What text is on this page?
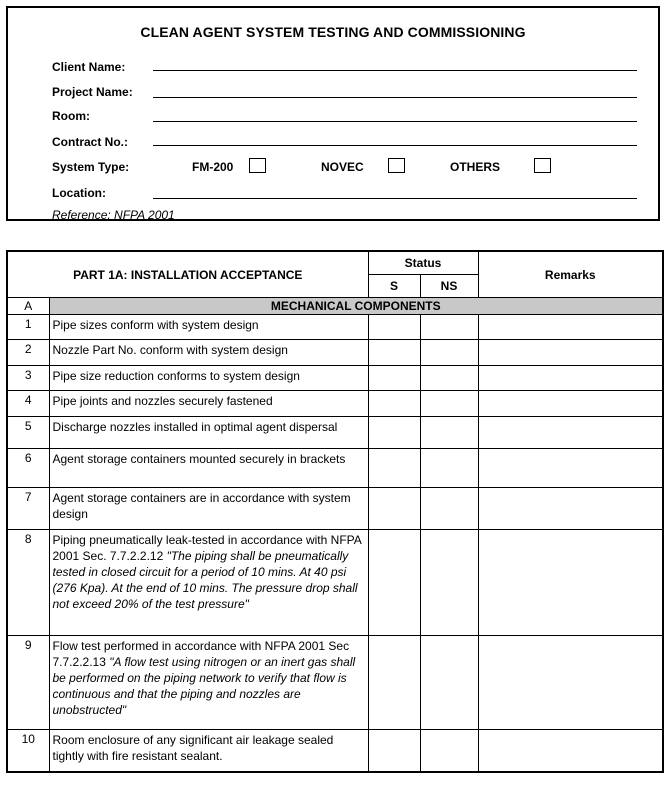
CLEAN AGENT SYSTEM TESTING AND COMMISSIONING
Client Name:
Project Name:
Room:
Contract No.:
System Type:	FM-200	NOVEC	OTHERS
Location:
Reference: NFPA 2001
PART 1A: INSTALLATION ACCEPTANCE		Status		Remarks
		S	NS	
A	MECHANICAL COMPONENTS			
1	Pipe sizes conform with system design			
2	Nozzle Part No. conform with system design			
3	Pipe size reduction conforms to system design			
4	Pipe joints and nozzles securely fastened			
5	Discharge nozzles installed in optimal agent dispersal			
6	Agent storage containers mounted securely in brackets			
7	Agent storage containers are in accordance with system design			
8	Piping pneumatically leak-tested in accordance with NFPA 2001 Sec. 7.7.2.2.12 "The piping shall be pneumatically tested in closed circuit for a period of 10 mins. At 40 psi (276 Kpa). At the end of 10 mins. The pressure drop shall not exceed 20% of the test pressure"			
9	Flow test performed in accordance with NFPA 2001 Sec 7.7.2.2.13 "A flow test using nitrogen or an inert gas shall be performed on the piping network to verify that flow is continuous and that the piping and nozzles are unobstructed"			
10	Room enclosure of any significant air leakage sealed tightly with fire resistant sealant.			
